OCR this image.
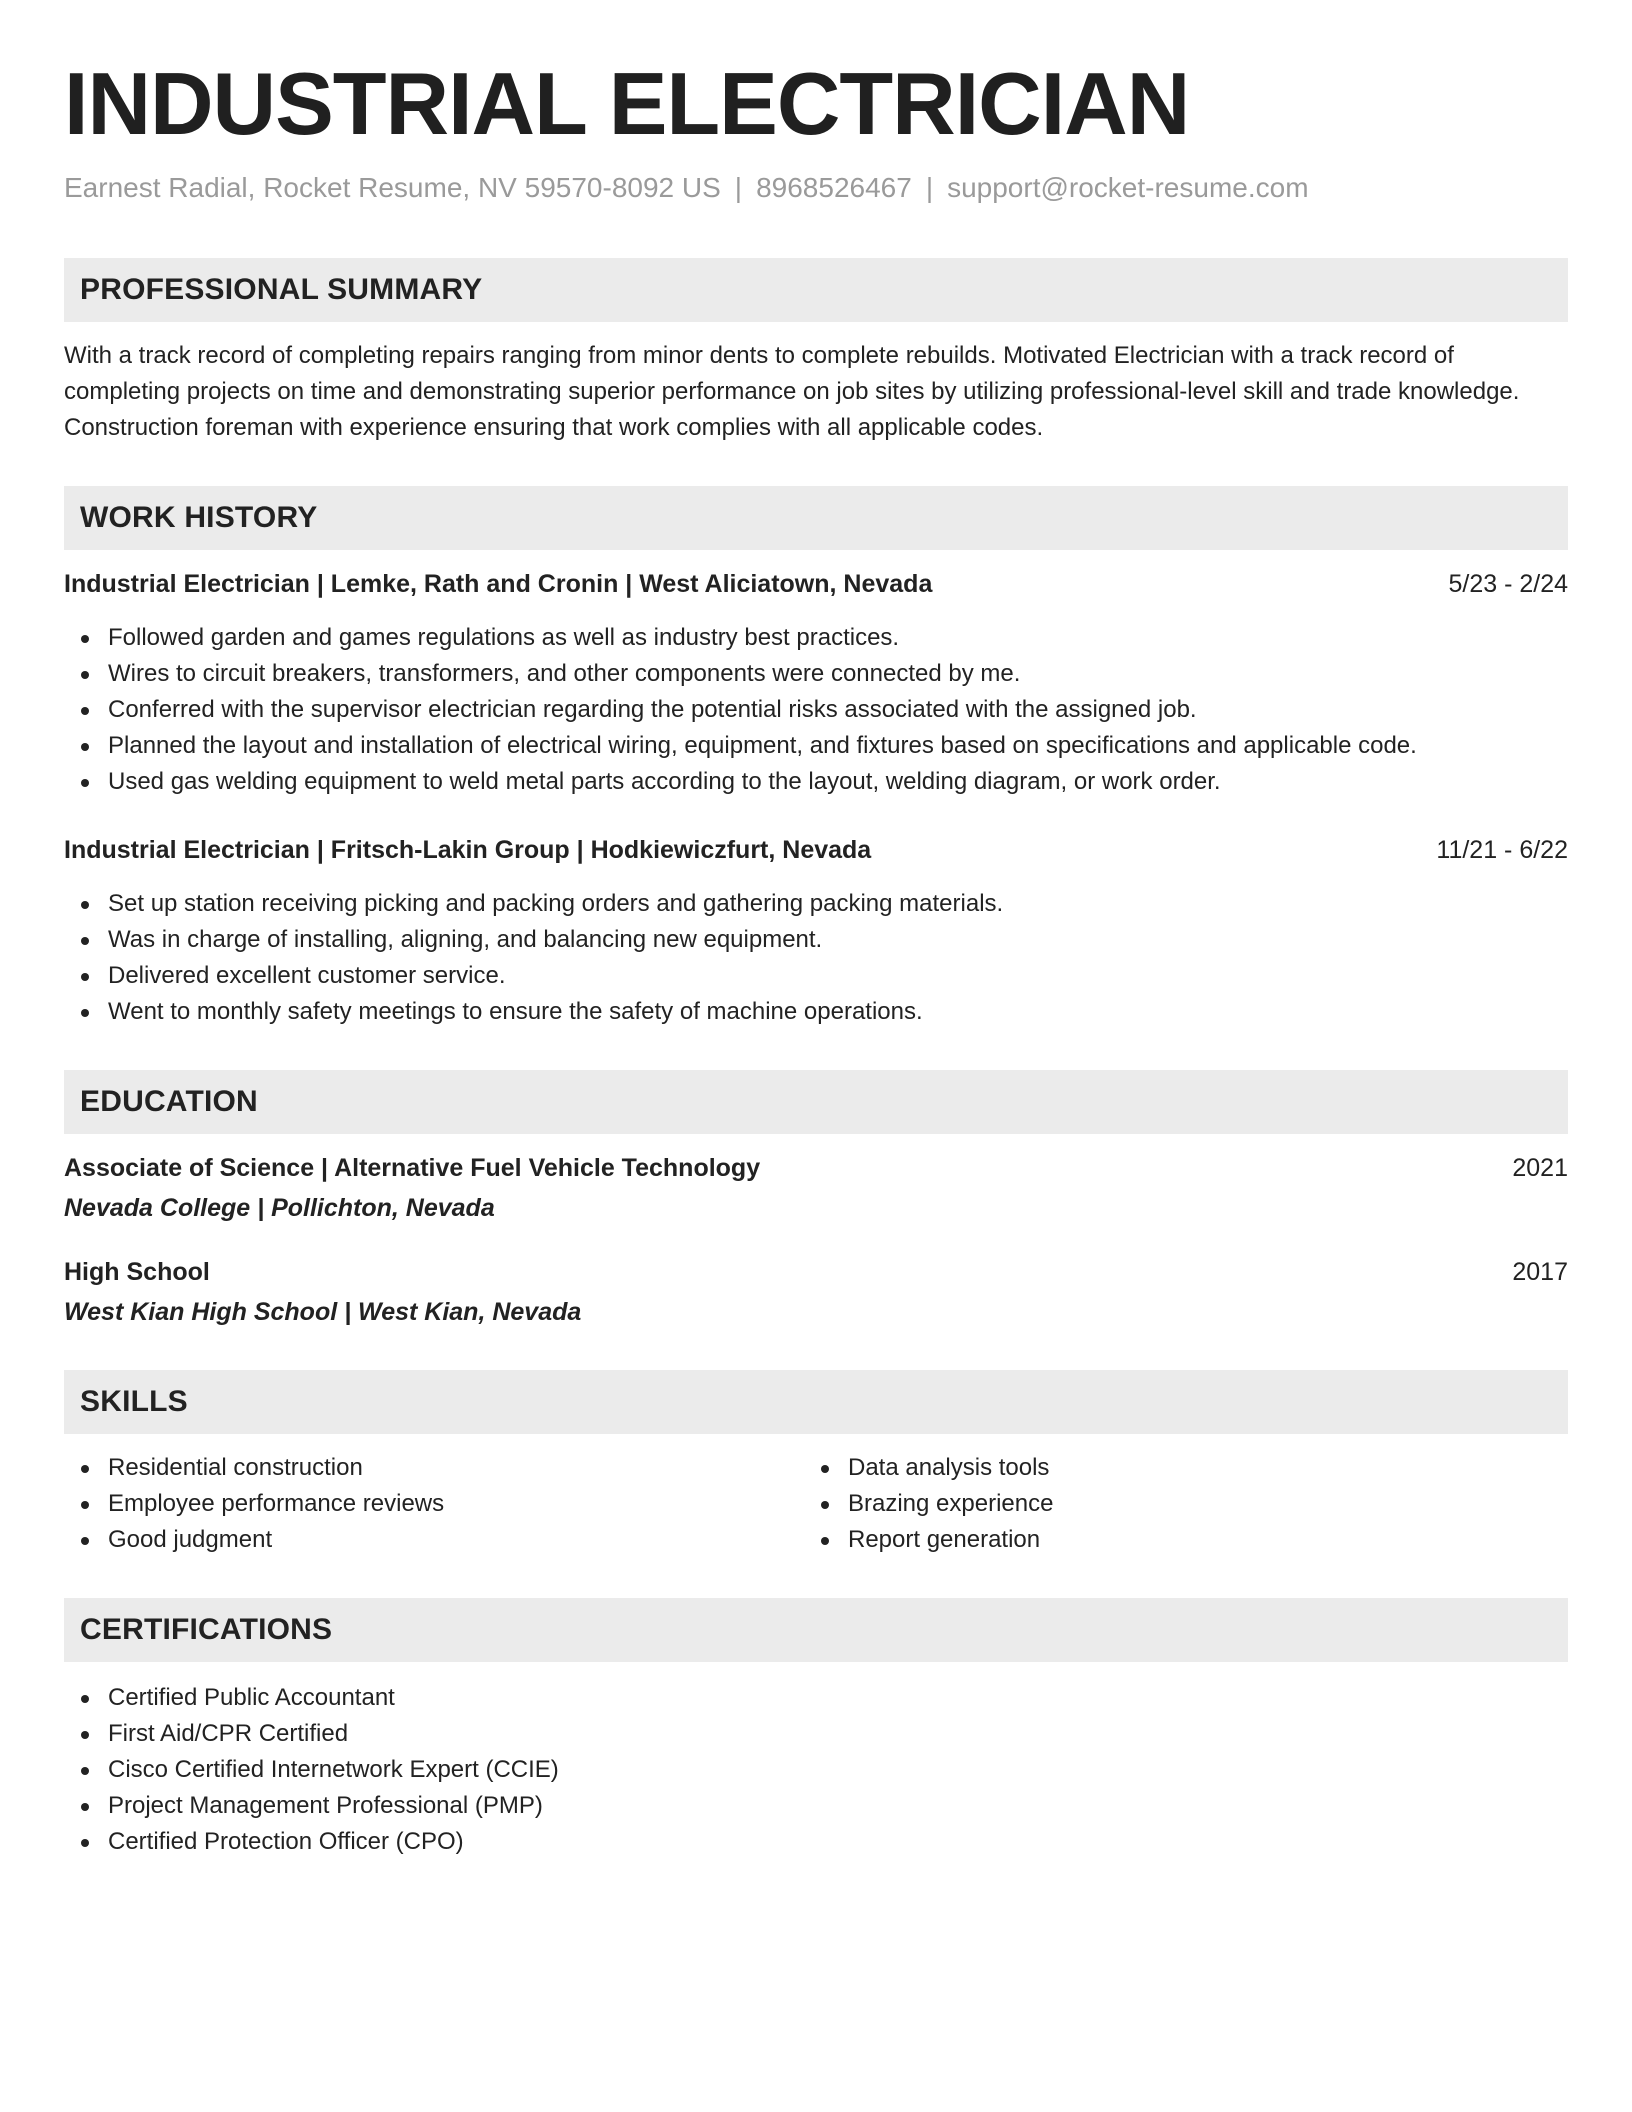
INDUSTRIAL ELECTRICIAN
Earnest Radial, Rocket Resume, NV 59570-8092 US | 8968526467 | support@rocket-resume.com
PROFESSIONAL SUMMARY

With a track record of completing repairs ranging from minor dents to complete rebuilds. Motivated Electrician with a track record of completing projects on time and demonstrating superior performance on job sites by utilizing professional-level skill and trade knowledge. Construction foreman with experience ensuring that work complies with all applicable codes.

WORK HISTORY
Industrial Electrician | Lemke, Rath and Cronin | West Aliciatown, Nevada	5/23 - 2/24
Followed garden and games regulations as well as industry best practices.
Wires to circuit breakers, transformers, and other components were connected by me.
Conferred with the supervisor electrician regarding the potential risks associated with the assigned job.
Planned the layout and installation of electrical wiring, equipment, and fixtures based on specifications and applicable code.
Used gas welding equipment to weld metal parts according to the layout, welding diagram, or work order.
Industrial Electrician | Fritsch-Lakin Group | Hodkiewiczfurt, Nevada	11/21 - 6/22
Set up station receiving picking and packing orders and gathering packing materials.
Was in charge of installing, aligning, and balancing new equipment.
Delivered excellent customer service.
Went to monthly safety meetings to ensure the safety of machine operations.
EDUCATION
Associate of Science | Alternative Fuel Vehicle Technology	2021
Nevada College | Pollichton, Nevada
High School	2017
West Kian High School | West Kian, Nevada
SKILLS
Residential construction
Employee performance reviews
Good judgment
Data analysis tools
Brazing experience
Report generation
CERTIFICATIONS
Certified Public Accountant
First Aid/CPR Certified
Cisco Certified Internetwork Expert (CCIE)
Project Management Professional (PMP)
Certified Protection Officer (CPO)
